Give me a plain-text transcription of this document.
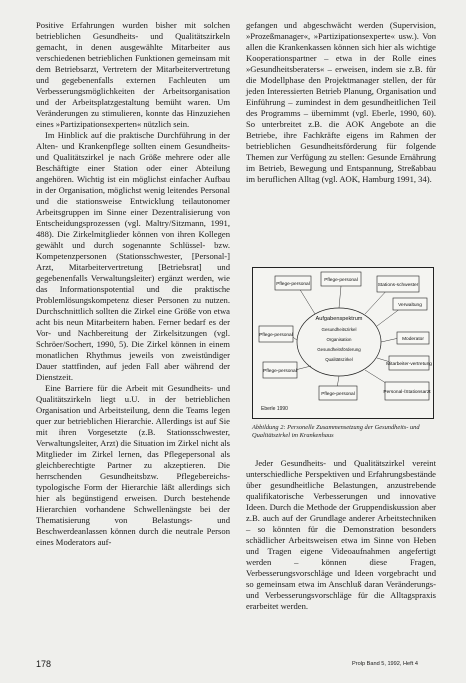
Positive Erfahrungen wurden bisher mit solchen betrieblichen Gesundheits- und Qualitätszirkeln gemacht, in denen ausgewählte Mitarbeiter aus verschiedenen betrieblichen Funktionen gemeinsam mit dem Betriebsarzt, Vertretern der Mitarbeitervertretung und gegebenenfalls externen Fachleuten um Verbesserungsmöglichkeiten der Arbeitsorganisation und der Arbeitsplatzgestaltung bemüht waren. Um Veränderungen zu stimulieren, konnte das Hinzuziehen eines »Partizipationsexperten« nützlich sein.

Im Hinblick auf die praktische Durchführung in der Alten- und Krankenpflege sollten einem Gesundheits- und Qualitätszirkel je nach Größe mehrere oder alle Beschäftigte einer Station oder einer Abteilung angehören. Wichtig ist ein möglichst einfacher Aufbau in der Organisation, möglichst wenig leitendes Personal und die stationsweise Entwicklung teilautonomer Arbeitsgruppen im Sinne einer Dezentralisierung von Entscheidungsprozessen (vgl. Maltry/Sitzmann, 1991, 488). Die Zirkelmitglieder können von ihren Kollegen gewählt und durch sogenannte Schlüssel- bzw. Kompetenzpersonen (Stationsschwester, [Personal-] Arzt, Mitarbeitervertretung [Betriebsrat] und gegebenenfalls Verwaltungsleiter) ergänzt werden, wie das Informationspotential und die praktische Problemlösungskompetenz dieser Personen zu nutzen. Durchschnittlich sollten die Zirkel eine Größe von etwa acht bis neun Mitarbeitern haben. Ferner bedarf es der Vor- und Nachbereitung der Zirkelsitzungen (vgl. Schröer/Sochert, 1990, 5). Die Zirkel können in einem monatlichen Rhythmus jeweils von zweistündiger Dauer stattfinden, auf jeden Fall aber während der Dienstzeit.

Eine Barriere für die Arbeit mit Gesundheits- und Qualitätszirkeln liegt u.U. in der betrieblichen Organisation und Arbeitsteilung, denn die Teams legen quer zur betrieblichen Hierarchie. Allerdings ist auf Sie mit ihren Vorgesetzte (z.B. Stationsschwester, Verwaltungsleiter, Arzt) die Situation im Zirkel nicht als Mitglieder im Zirkel lernen, das Pflegepersonal als gleichberechtigte Partner zu akzeptieren. Die herrschenden Gesundheitsbzw. Pflegebereichs-typologische Form der Hierarchie läßt allerdings sich hier als begünstigend erweisen. Durch bestehende Hierarchien vorhandene Schwellenängste bei der Thematisierung von Belastungs- und Beschwerdeanlassen können durch die neutrale Person eines Moderators auf-

gefangen und abgeschwächt werden (Supervision, »Prozeßmanager«, »Partizipationsexperte« usw.). Von allen die Krankenkassen können sich hier als wichtige Kooperationspartner – etwa in der Rolle eines »Gesundheitsberaters« – erweisen, indem sie z.B. für die Modellphase den Projektmanager stellen, der für jeden Interessierten Betrieb Planung, Organisation und Einführung – zumindest in dem gesundheitlichen Teil des Programms – übernimmt (vgl. Eberle, 1990, 60). So unterbreitet z.B. die AOK Angebote an die Betriebe, ihre Fachkräfte eigens im Rahmen der betrieblichen Gesundheitsförderung für folgende Themen zur Verfügung zu stellen: Gesunde Ernährung im Betrieb, Bewegung und Entspannung, Streßabbau im beruflichen Alltag (vgl. AOK, Hamburg 1991, 34).

Aufgabenspektrum
Gesundheitszirkel
Organisation
Gesundheitsförderung
Qualitätszirkel
Pflege-personal
Pflege-personal
Stations-schwester
Verwaltung
Pflege-personal
Moderator
Pflege-personal
Mitarbeiter-vertretung
Pflege-personal	Personal-/Stationsarzt
Eberle 1990
Abbildung 2: Personelle Zusammensetzung der Gesundheits- und Qualitätszirkel im Krankenhaus

Jeder Gesundheits- und Qualitätszirkel vereint unterschiedliche Perspektiven und Erfahrungsbestände über gesundheitliche Belastungen, anzustrebende qualifikatorische Verbesserungen und innovative Ideen. Durch die Methode der Gruppendiskussion aber z.B. auch auf der Grundlage anderer Arbeitstechniken – so könnten für die Demonstration besonders schädlicher Arbeitsweisen etwa im Sinne von Heben und Tragen eigene Videoaufnahmen angefertigt werden – können diese Fragen, Verbesserungsvorschläge und Ideen vorgebracht und so gemeinsam etwa im Anschluß daran Veränderungs- und Verbesserungsvorschläge für die Alltagspraxis erarbeitet werden.

178	Prolp Band 5, 1992, Heft 4
